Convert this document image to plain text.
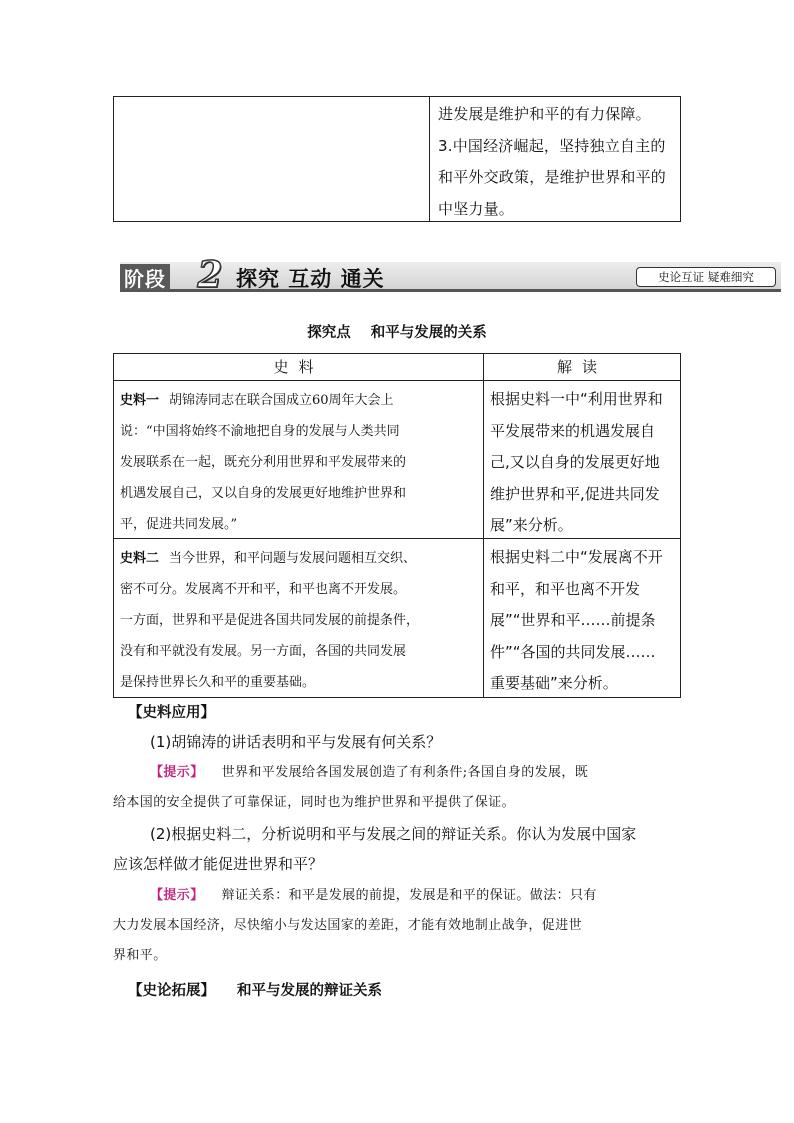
进发展是维护和平的有力保障。
3.中国经济崛起，坚持独立自主的
和平外交政策，是维护世界和平的
中坚力量。
阶段 2 探究 互动 通关	史论互证 疑难细究
探究点 和平与发展的关系
史料	解读
史料一 胡锦涛同志在联合国成立60周年大会上
说：“中国将始终不渝地把自身的发展与人类共同
发展联系在一起，既充分利用世界和平发展带来的
机遇发展自己，又以自身的发展更好地维护世界和
平，促进共同发展。”
根据史料一中“利用世界和
平发展带来的机遇发展自
己,又以自身的发展更好地
维护世界和平,促进共同发
展”来分析。
史料二 当今世界，和平问题与发展问题相互交织、
密不可分。发展离不开和平，和平也离不开发展。
一方面，世界和平是促进各国共同发展的前提条件，
没有和平就没有发展。另一方面，各国的共同发展
是保持世界长久和平的重要基础。
根据史料二中“发展离不开
和平，和平也离不开发
展”“世界和平……前提条
件”“各国的共同发展……
重要基础”来分析。
【史料应用】
(1)胡锦涛的讲话表明和平与发展有何关系？
【提示】 世界和平发展给各国发展创造了有利条件;各国自身的发展，既
给本国的安全提供了可靠保证，同时也为维护世界和平提供了保证。
(2)根据史料二，分析说明和平与发展之间的辩证关系。你认为发展中国家
应该怎样做才能促进世界和平？
【提示】 辩证关系：和平是发展的前提，发展是和平的保证。做法：只有
大力发展本国经济，尽快缩小与发达国家的差距，才能有效地制止战争，促进世
界和平。
【史论拓展】 和平与发展的辩证关系
